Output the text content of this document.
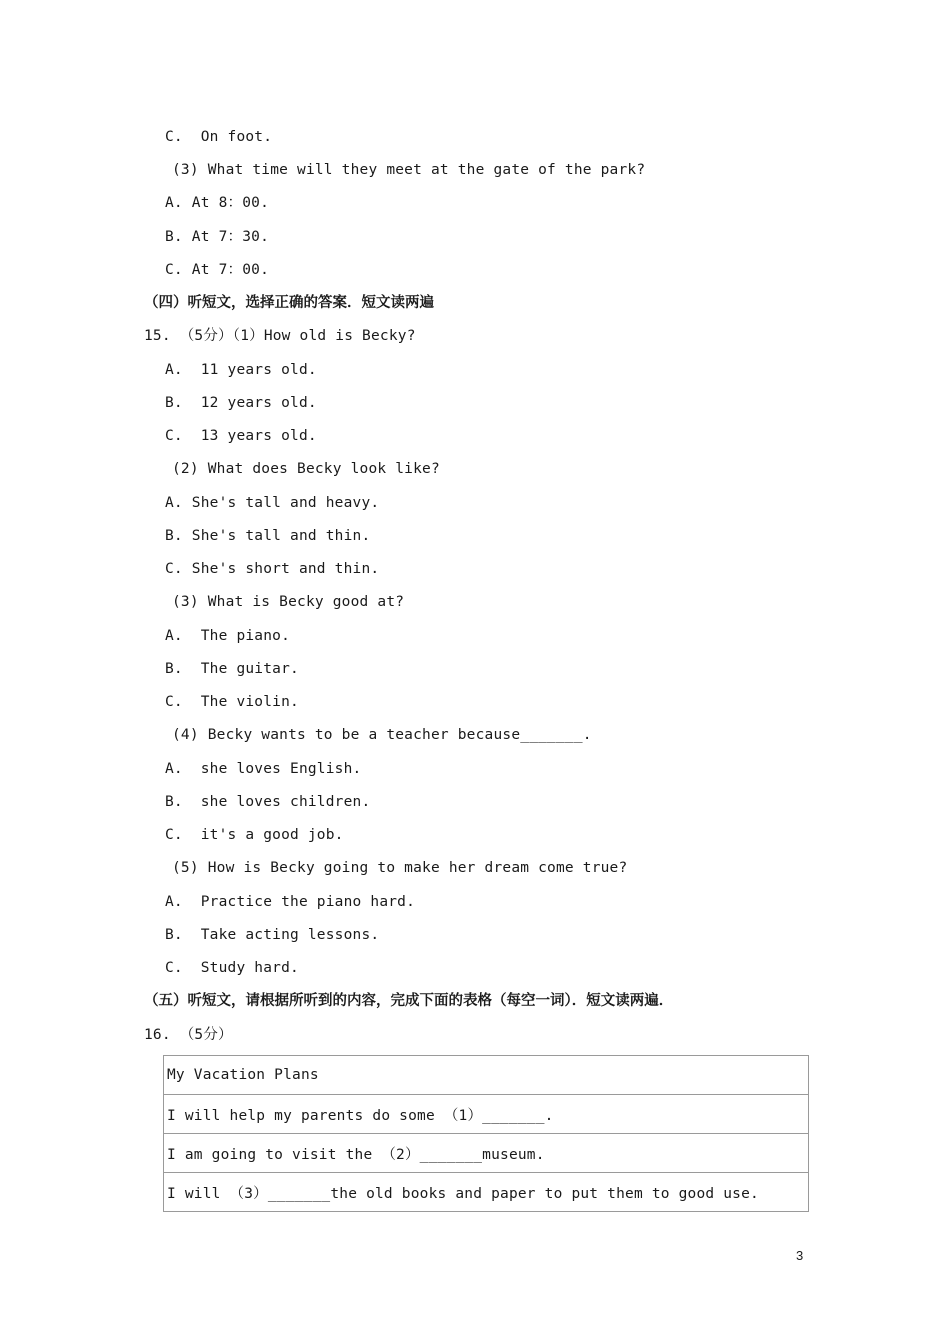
C.  On foot.
(3) What time will they meet at the gate of the park?
A. At 8：00.
B. At 7：30.
C. At 7：00.
（四）听短文，选择正确的答案．短文读两遍
15. （5分）（1）How old is Becky?
A.  11 years old.
B.  12 years old.
C.  13 years old.
(2) What does Becky look like?
A. She's tall and heavy.
B. She's tall and thin.
C. She's short and thin.
(3) What is Becky good at?
A.  The piano.
B.  The guitar.
C.  The violin.
(4) Becky wants to be a teacher because_______.
A.  she loves English.
B.  she loves children.
C.  it's a good job.
(5) How is Becky going to make her dream come true?
A.  Practice the piano hard.
B.  Take acting lessons.
C.  Study hard.
（五）听短文，请根据所听到的内容，完成下面的表格（每空一词）．短文读两遍．
16. （5分）
My Vacation Plans
I will help my parents do some （1）_______.
I am going to visit the （2）_______museum.
I will （3）_______the old books and paper to put them to good use.
3
